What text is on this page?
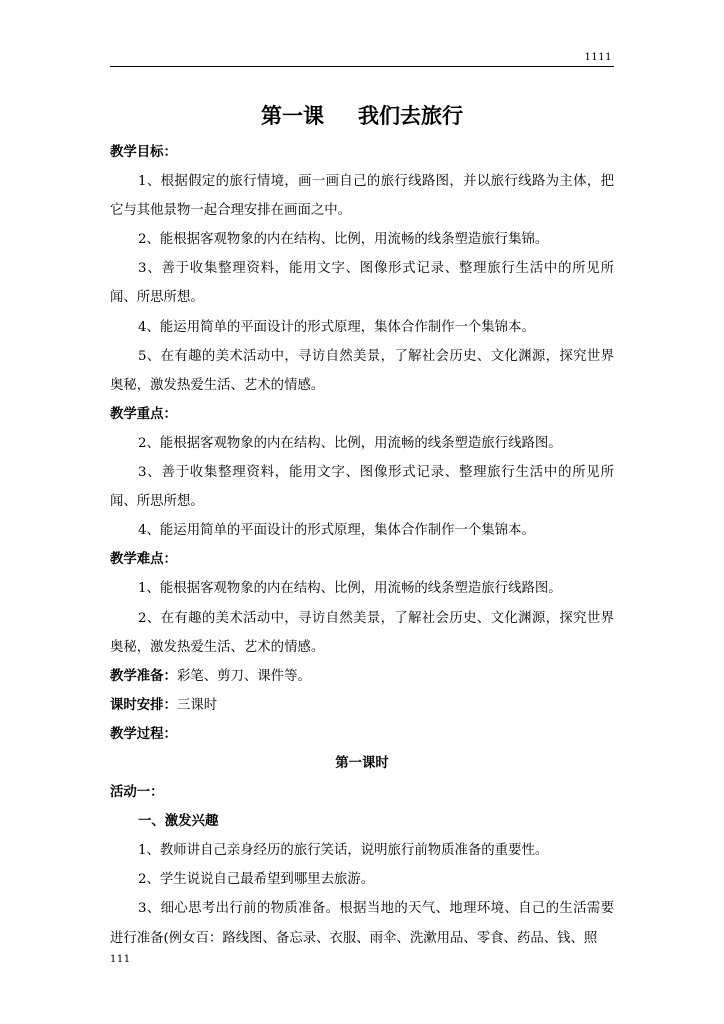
1111
第一课 我们去旅行

教学目标：

1、根据假定的旅行情境，画一画自己的旅行线路图，并以旅行线路为主体，把它与其他景物一起合理安排在画面之中。

2、能根据客观物象的内在结构、比例，用流畅的线条塑造旅行集锦。

3、善于收集整理资料，能用文字、图像形式记录、整理旅行生活中的所见所闻、所思所想。

4、能运用简单的平面设计的形式原理，集体合作制作一个集锦本。

5、在有趣的美术活动中，寻访自然美景，了解社会历史、文化渊源，探究世界奥秘，激发热爱生活、艺术的情感。

教学重点：

2、能根据客观物象的内在结构、比例，用流畅的线条塑造旅行线路图。

3、善于收集整理资料，能用文字、图像形式记录、整理旅行生活中的所见所闻、所思所想。

4、能运用简单的平面设计的形式原理，集体合作制作一个集锦本。

教学难点：

1、能根据客观物象的内在结构、比例，用流畅的线条塑造旅行线路图。

2、在有趣的美术活动中，寻访自然美景，了解社会历史、文化渊源，探究世界奥秘，激发热爱生活、艺术的情感。

教学准备：彩笔、剪刀、课件等。

课时安排：三课时

教学过程：

第一课时

活动一：

一、激发兴趣

1、教师讲自己亲身经历的旅行笑话，说明旅行前物质准备的重要性。

2、学生说说自己最希望到哪里去旅游。

3、细心思考出行前的物质准备。根据当地的天气、地理环境、自己的生活需要进行准备(例女百：路线图、备忘录、衣服、雨伞、洗漱用品、零食、药品、钱、照

111
